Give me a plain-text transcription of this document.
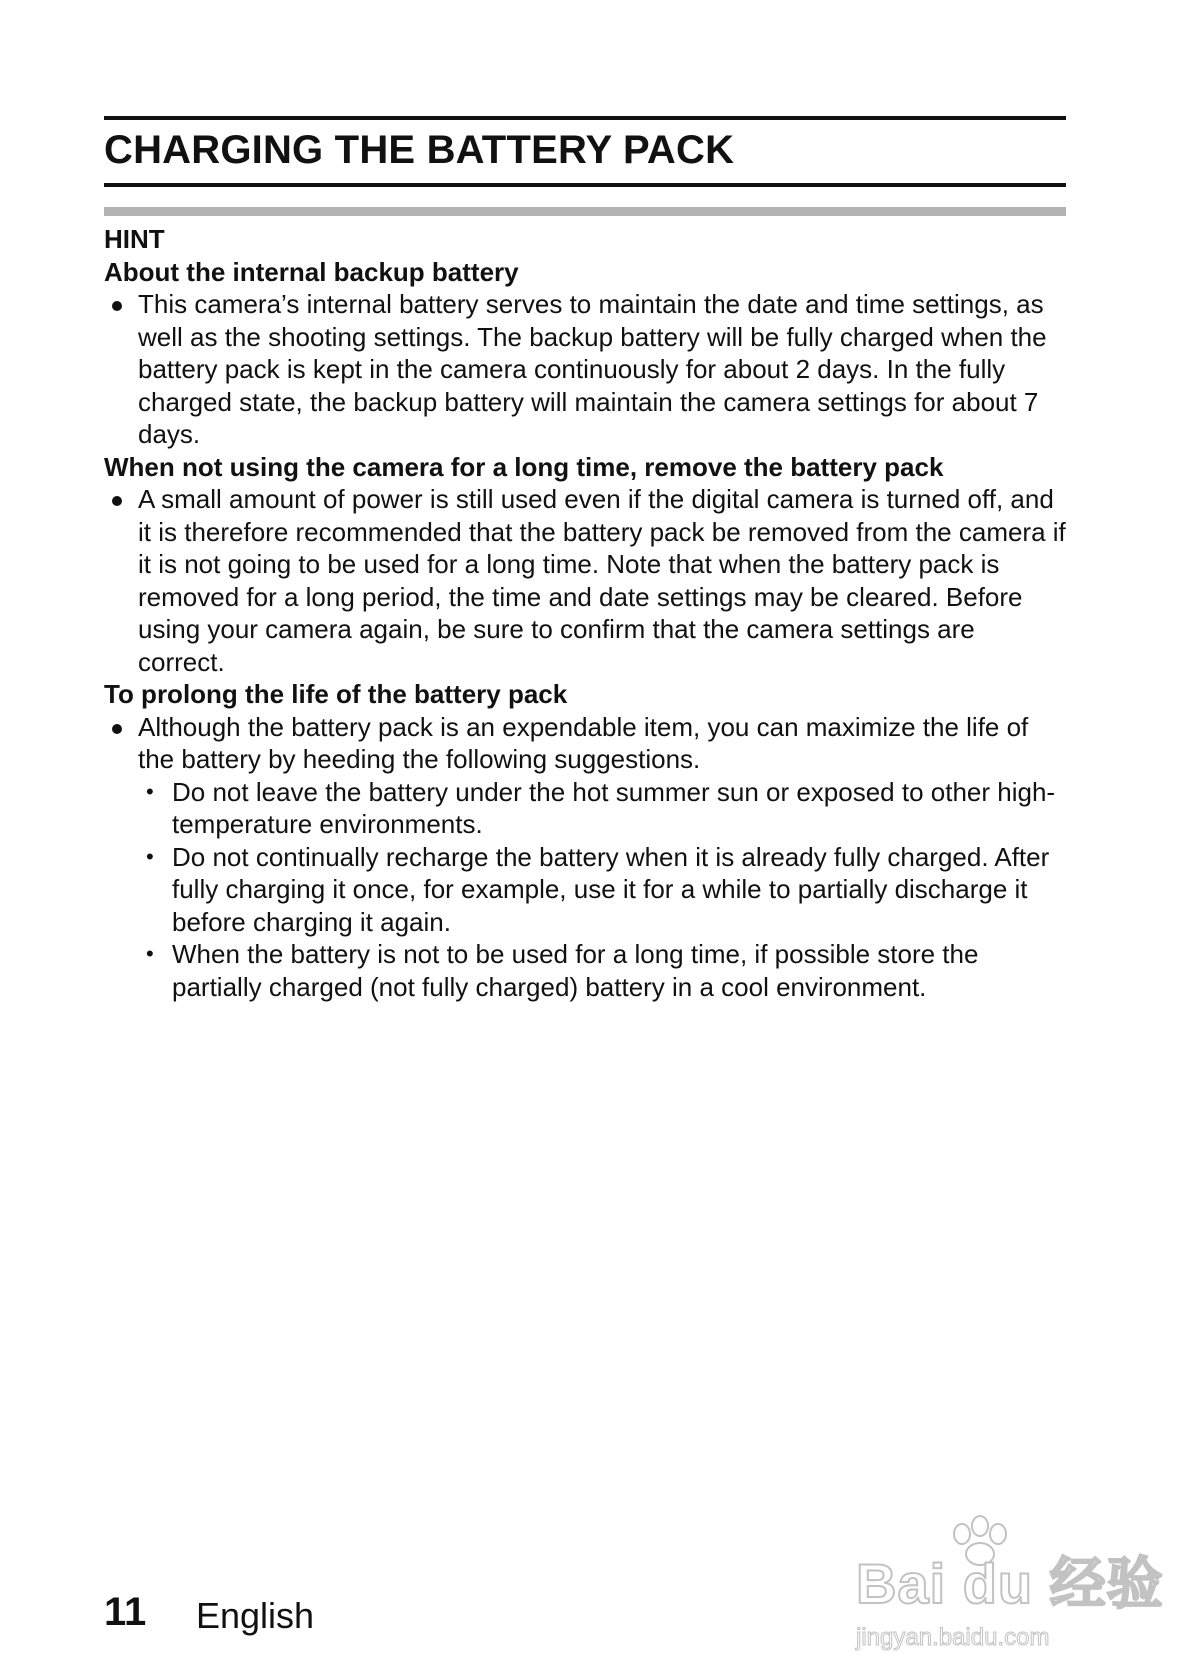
CHARGING THE BATTERY PACK

HINT

About the internal backup battery

This camera’s internal battery serves to maintain the date and time settings, as well as the shooting settings. The backup battery will be fully charged when the battery pack is kept in the camera continuously for about 2 days. In the fully charged state, the backup battery will maintain the camera settings for about 7 days.

When not using the camera for a long time, remove the battery pack

A small amount of power is still used even if the digital camera is turned off, and it is therefore recommended that the battery pack be removed from the camera if it is not going to be used for a long time. Note that when the battery pack is removed for a long period, the time and date settings may be cleared. Before using your camera again, be sure to confirm that the camera settings are correct.

To prolong the life of the battery pack

Although the battery pack is an expendable item, you can maximize the life of the battery by heeding the following suggestions.
• Do not leave the battery under the hot summer sun or exposed to other high-temperature environments.
• Do not continually recharge the battery when it is already fully charged. After fully charging it once, for example, use it for a while to partially discharge it before charging it again.
• When the battery is not to be used for a long time, if possible store the partially charged (not fully charged) battery in a cool environment.
11 English
Bai du 经验
jingyan.baidu.com
